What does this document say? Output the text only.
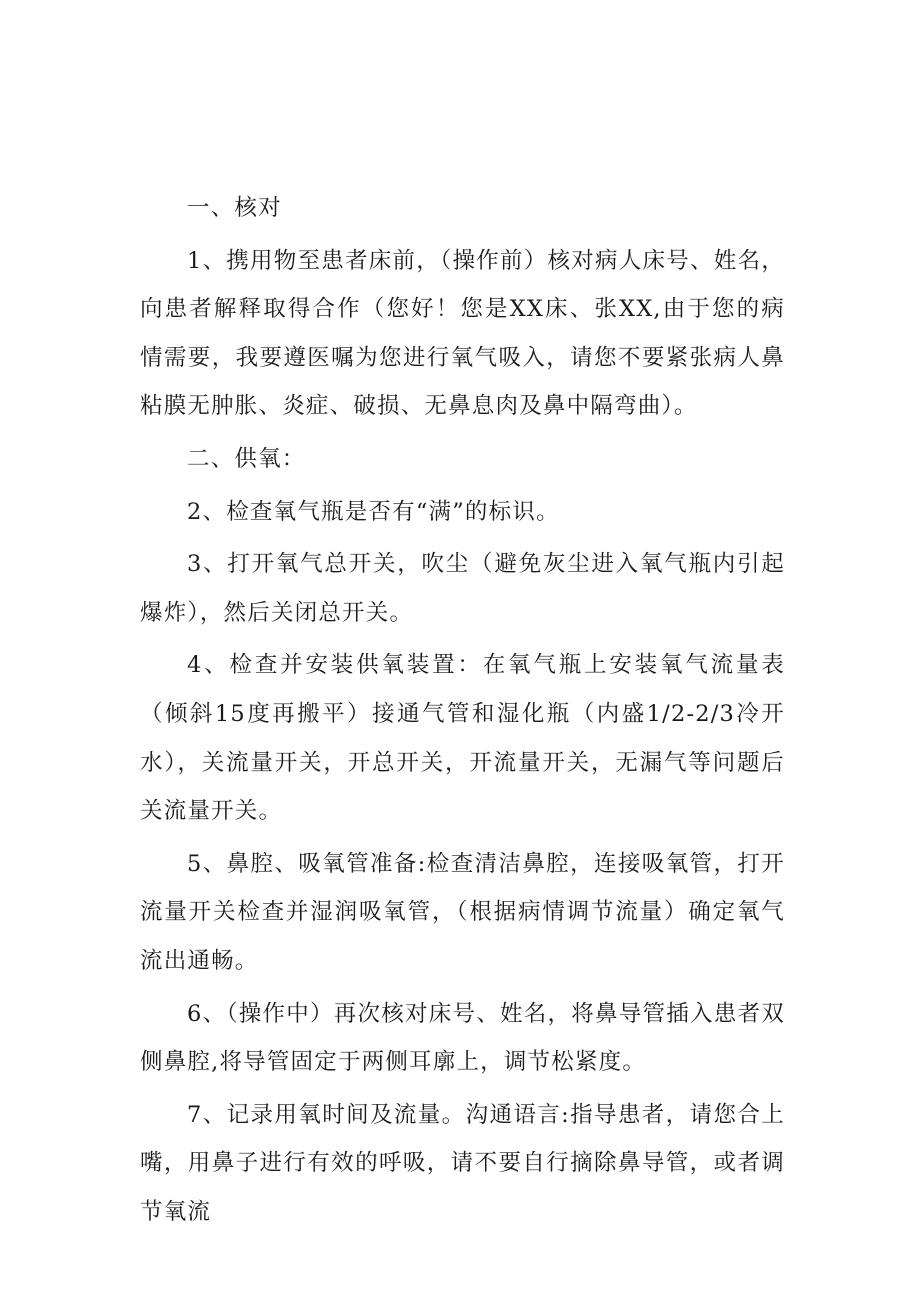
一、核对

1、携用物至患者床前，（操作前）核对病人床号、姓名，向患者解释取得合作（您好！您是XX床、张XX,由于您的病情需要，我要遵医嘱为您进行氧气吸入，请您不要紧张病人鼻粘膜无肿胀、炎症、破损、无鼻息肉及鼻中隔弯曲）。

二、供氧：

2、检查氧气瓶是否有“满”的标识。

3、打开氧气总开关，吹尘（避免灰尘进入氧气瓶内引起爆炸），然后关闭总开关。

4、检查并安装供氧装置：在氧气瓶上安装氧气流量表（倾斜15度再搬平）接通气管和湿化瓶（内盛1/2-2/3冷开水），关流量开关，开总开关，开流量开关，无漏气等问题后关流量开关。

5、鼻腔、吸氧管准备:检查清洁鼻腔，连接吸氧管，打开流量开关检查并湿润吸氧管，（根据病情调节流量）确定氧气流出通畅。

6、（操作中）再次核对床号、姓名，将鼻导管插入患者双侧鼻腔,将导管固定于两侧耳廓上，调节松紧度。

7、记录用氧时间及流量。沟通语言:指导患者，请您合上嘴，用鼻子进行有效的呼吸，请不要自行摘除鼻导管，或者调节氧流
